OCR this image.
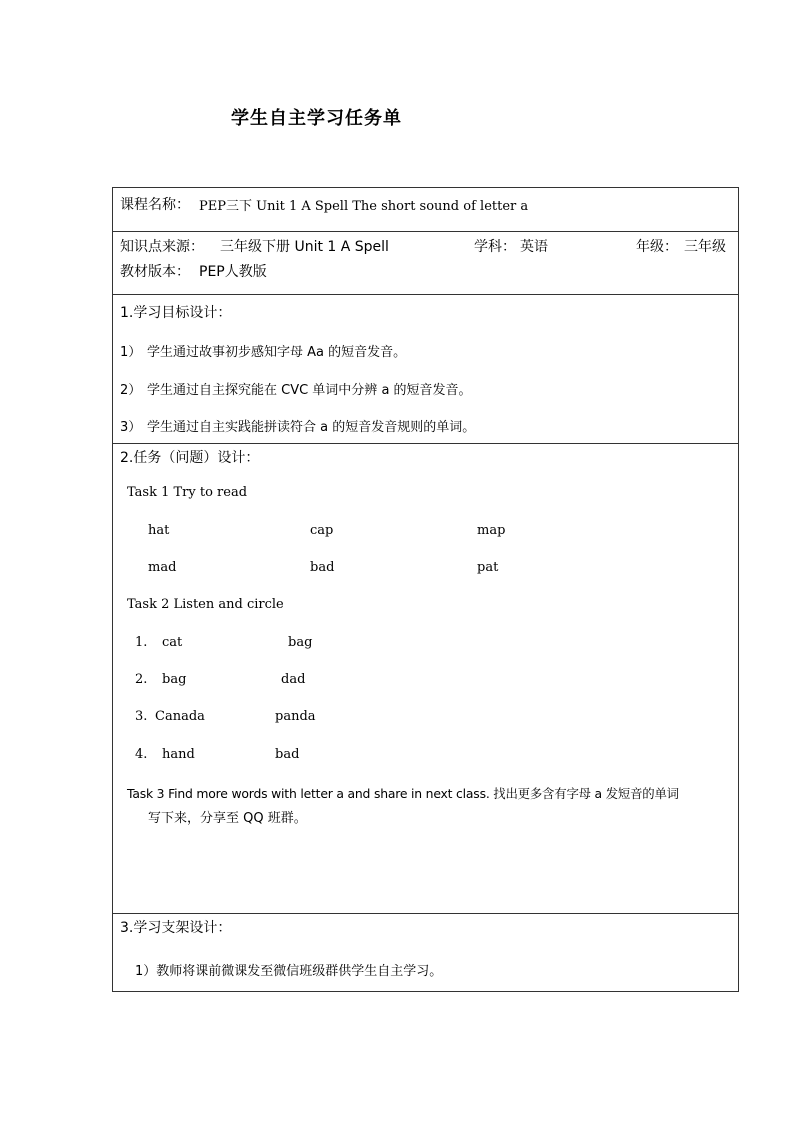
学生自主学习任务单
课程名称： PEP三下 Unit 1 A Spell The short sound of letter a
知识点来源： 三年级下册 Unit 1 A Spell	学科： 英语	年级： 三年级
教材版本： PEP人教版
1.学习目标设计：
1） 学生通过故事初步感知字母 Aa 的短音发音。
2） 学生通过自主探究能在 CVC 单词中分辨 a 的短音发音。
3） 学生通过自主实践能拼读符合 a 的短音发音规则的单词。
2.任务（问题）设计：
Task 1 Try to read
hat	cap	map
mad	bad	pat
Task 2 Listen and circle
1. cat	bag
2. bag	dad
3. Canada	panda
4. hand	bad
Task 3 Find more words with letter a and share in next class. 找出更多含有字母 a 发短音的单词
写下来，分享至 QQ 班群。
3.学习支架设计：
1）教师将课前微课发至微信班级群供学生自主学习。
